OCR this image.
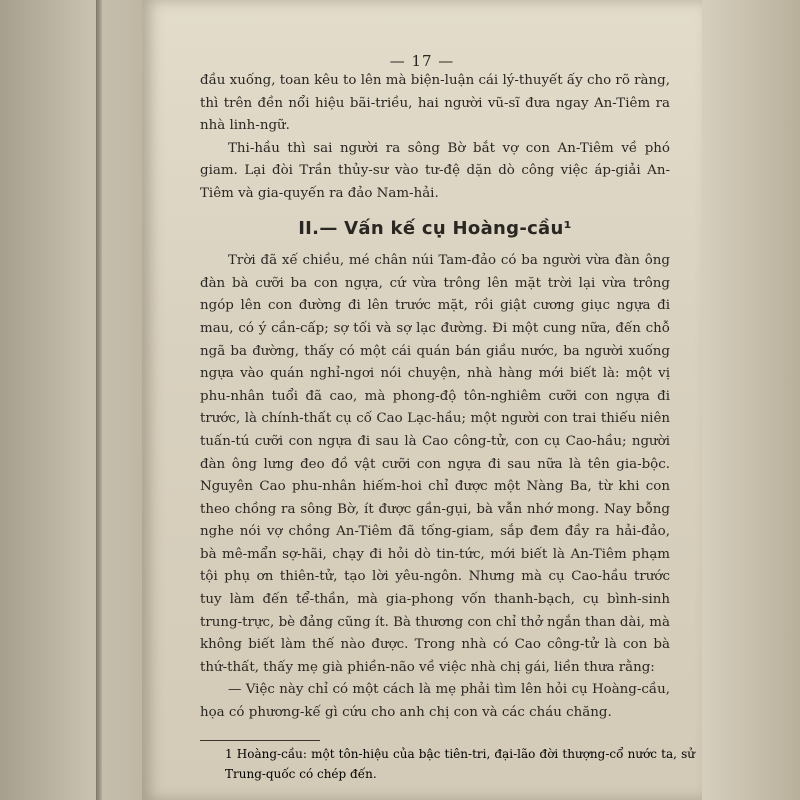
— 17 —

đầu xuống, toan kêu to lên mà biện-luận cái lý-thuyết ấy cho rõ ràng, thì trên đền nổi hiệu bãi-triều, hai người vũ-sĩ đưa ngay An-Tiêm ra nhà linh-ngữ.

Thi-hầu thì sai người ra sông Bờ bắt vợ con An-Tiêm về phó giam. Lại đòi Trần thủy-sư vào tư-đệ dặn dò công việc áp-giải An-Tiêm và gia-quyến ra đảo Nam-hải.

II.— Vấn kế cụ Hoàng-cầu¹

Trời đã xế chiều, mé chân núi Tam-đảo có ba người vừa đàn ông đàn bà cưỡi ba con ngựa, cứ vừa trông lên mặt trời lại vừa trông ngóp lên con đường đi lên trước mặt, rồi giật cương giục ngựa đi mau, có ý cần-cấp; sợ tối và sợ lạc đường. Đi một cung nữa, đến chỗ ngã ba đường, thấy có một cái quán bán giầu nước, ba người xuống ngựa vào quán nghỉ-ngơi nói chuyện, nhà hàng mới biết là: một vị phu-nhân tuổi đã cao, mà phong-độ tôn-nghiêm cưỡi con ngựa đi trước, là chính-thất cụ cố Cao Lạc-hầu; một người con trai thiếu niên tuấn-tú cưỡi con ngựa đi sau là Cao công-tử, con cụ Cao-hầu; người đàn ông lưng đeo đồ vật cưỡi con ngựa đi sau nữa là tên gia-bộc. Nguyên Cao phu-nhân hiếm-hoi chỉ được một Nàng Ba, từ khi con theo chồng ra sông Bờ, ít được gần-gụi, bà vẫn nhớ mong. Nay bỗng nghe nói vợ chồng An-Tiêm đã tống-giam, sắp đem đầy ra hải-đảo, bà mê-mẩn sợ-hãi, chạy đi hỏi dò tin-tức, mới biết là An-Tiêm phạm tội phụ ơn thiên-tử, tạo lời yêu-ngôn. Nhưng mà cụ Cao-hầu trước tuy làm đến tể-thần, mà gia-phong vốn thanh-bạch, cụ bình-sinh trung-trực, bè đảng cũng ít. Bà thương con chỉ thở ngắn than dài, mà không biết làm thế nào được. Trong nhà có Cao công-tử là con bà thứ-thất, thấy mẹ già phiền-não về việc nhà chị gái, liền thưa rằng:

— Việc này chỉ có một cách là mẹ phải tìm lên hỏi cụ Hoàng-cầu, họa có phương-kế gì cứu cho anh chị con và các cháu chăng.

1 Hoàng-cầu: một tôn-hiệu của bậc tiên-tri, đại-lão đời thượng-cổ nước ta, sử Trung-quốc có chép đến.
